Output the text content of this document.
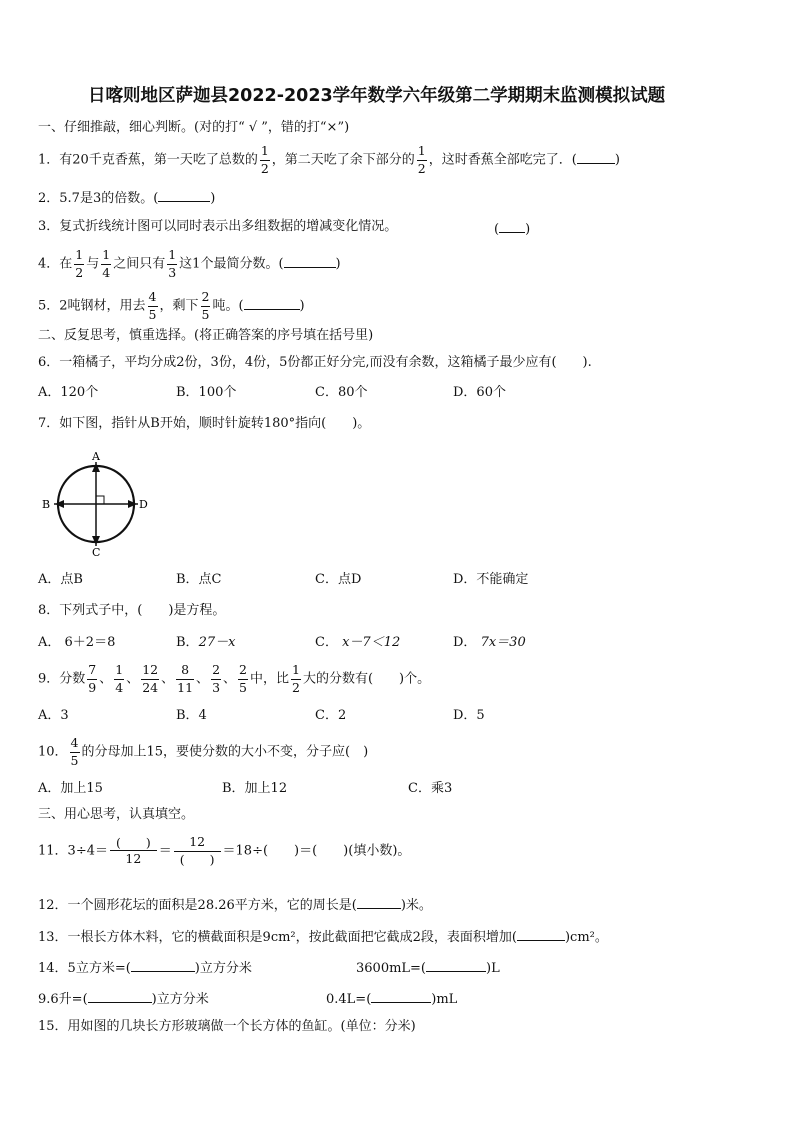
日喀则地区萨迦县2022-2023学年数学六年级第二学期期末监测模拟试题
一、仔细推敲，细心判断。(对的打“ √ ”，错的打“×”)
1．有20千克香蕉，第一天吃了总数的 $\frac{1}{2}$ ，第二天吃了余下部分的 $\frac{1}{2}$ ，这时香蕉全部吃完了．(	)
2．5.7是3的倍数。(	)
3．复式折线统计图可以同时表示出多组数据的增减变化情况。	( )
4．在 $\frac{1}{2}$ 与 $\frac{1}{4}$ 之间只有 $\frac{1}{3}$ 这1个最简分数。(	)
5．2吨钢材，用去 $\frac{4}{5}$ ，剩下 $\frac{2}{5}$ 吨。(	)
二、反复思考，慎重选择。(将正确答案的序号填在括号里)
6．一箱橘子，平均分成2份，3份，4份，5份都正好分完,而没有余数，这箱橘子最少应有(　　).
A．120个	B．100个	C．80个	D．60个
7．如下图，指针从B开始，顺时针旋转180°指向(　　)。
A
B
C
D
A．点B	B．点C	C．点D	D．不能确定
8．下列式子中，(　　)是方程。
A． 6＋2＝8	B．27－x	C． x－7＜12	D． 7x＝30
9．分数 $\frac{7}{9}$ 、 $\frac{1}{4}$ 、 $\frac{12}{24}$ 、 $\frac{8}{11}$ 、 $\frac{2}{3}$ 、 $\frac{2}{5}$ 中，比 $\frac{1}{2}$ 大的分数有(　　)个。
A．3	B．4	C．2	D．5
10． $\frac{4}{5}$ 的分母加上15，要使分数的大小不变，分子应(　)
A．加上15	B．加上12	C．乘3
三、用心思考，认真填空。
11．$3\div 4= \frac{( )}{12} = \frac{12}{( )} =18\div$(　　)＝(　　)(填小数)。
12．一个圆形花坛的面积是28.26平方米，它的周长是(	)米。
13．一根长方体木料，它的横截面积是9cm²，按此截面把它截成2段，表面积增加(	)cm²。
14．5立方米=(	)立方分米	3600mL=(	)L
9.6升=(	)立方分米	0.4L=(	)mL
15．用如图的几块长方形玻璃做一个长方体的鱼缸。(单位：分米)
